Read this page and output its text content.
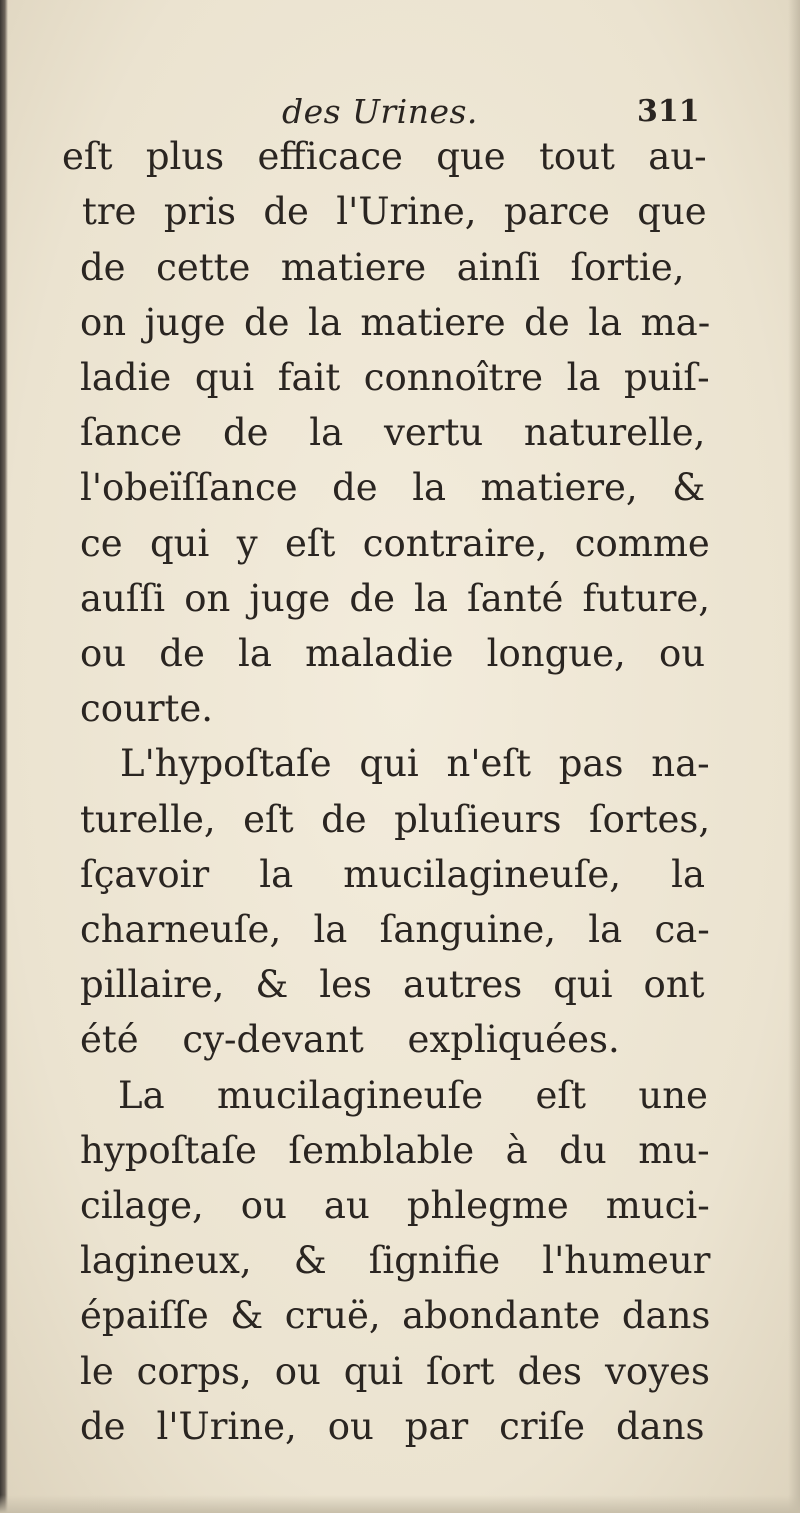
des Urines.	311
eſt plus efficace que tout au-
tre pris de l'Urine, parce que
de cette matiere ainſi ſortie,
on juge de la matiere de la ma-
ladie qui fait connoître la puiſ-
ſance de la vertu naturelle,
l'obeïſſance de la matiere, &
ce qui y eſt contraire, comme
auſſi on juge de la ſanté future,
ou de la maladie longue, ou
courte.
L'hypoſtaſe qui n'eſt pas na-
turelle, eſt de pluſieurs ſortes,
ſçavoir la mucilagineuſe, la
charneuſe, la ſanguine, la ca-
pillaire, & les autres qui ont
été cy-devant expliquées.
La mucilagineuſe eſt une
hypoſtaſe ſemblable à du mu-
cilage, ou au phlegme muci-
lagineux, & ſignifie l'humeur
épaiſſe & cruë, abondante dans
le corps, ou qui ſort des voyes
de l'Urine, ou par criſe dans
